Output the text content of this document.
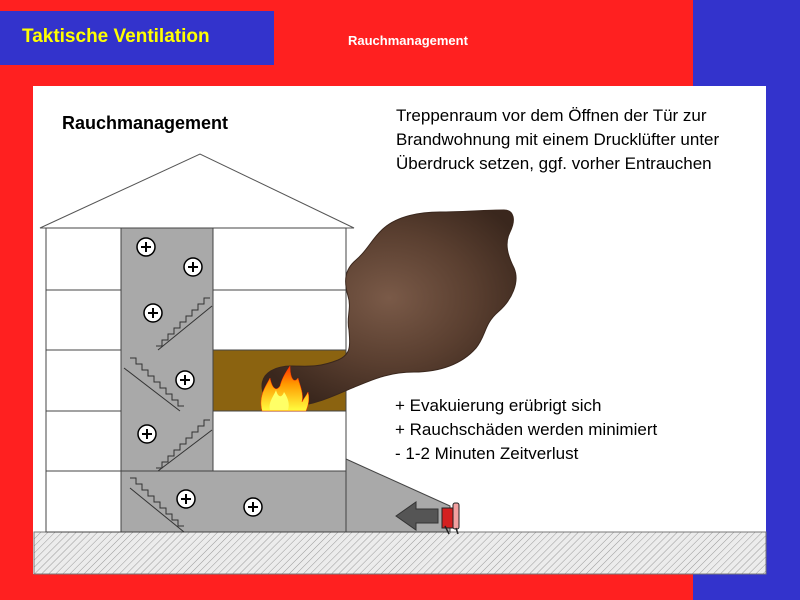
Taktische Ventilation	Rauchmanagement
Rauchmanagement	Treppenraum vor dem Öffnen der Tür zur Brandwohnung mit einem Drucklüfter unter Überdruck setzen, ggf. vorher Entrauchen
+ Evakuierung erübrigt sich
+ Rauchschäden werden minimiert
- 1-2 Minuten Zeitverlust
